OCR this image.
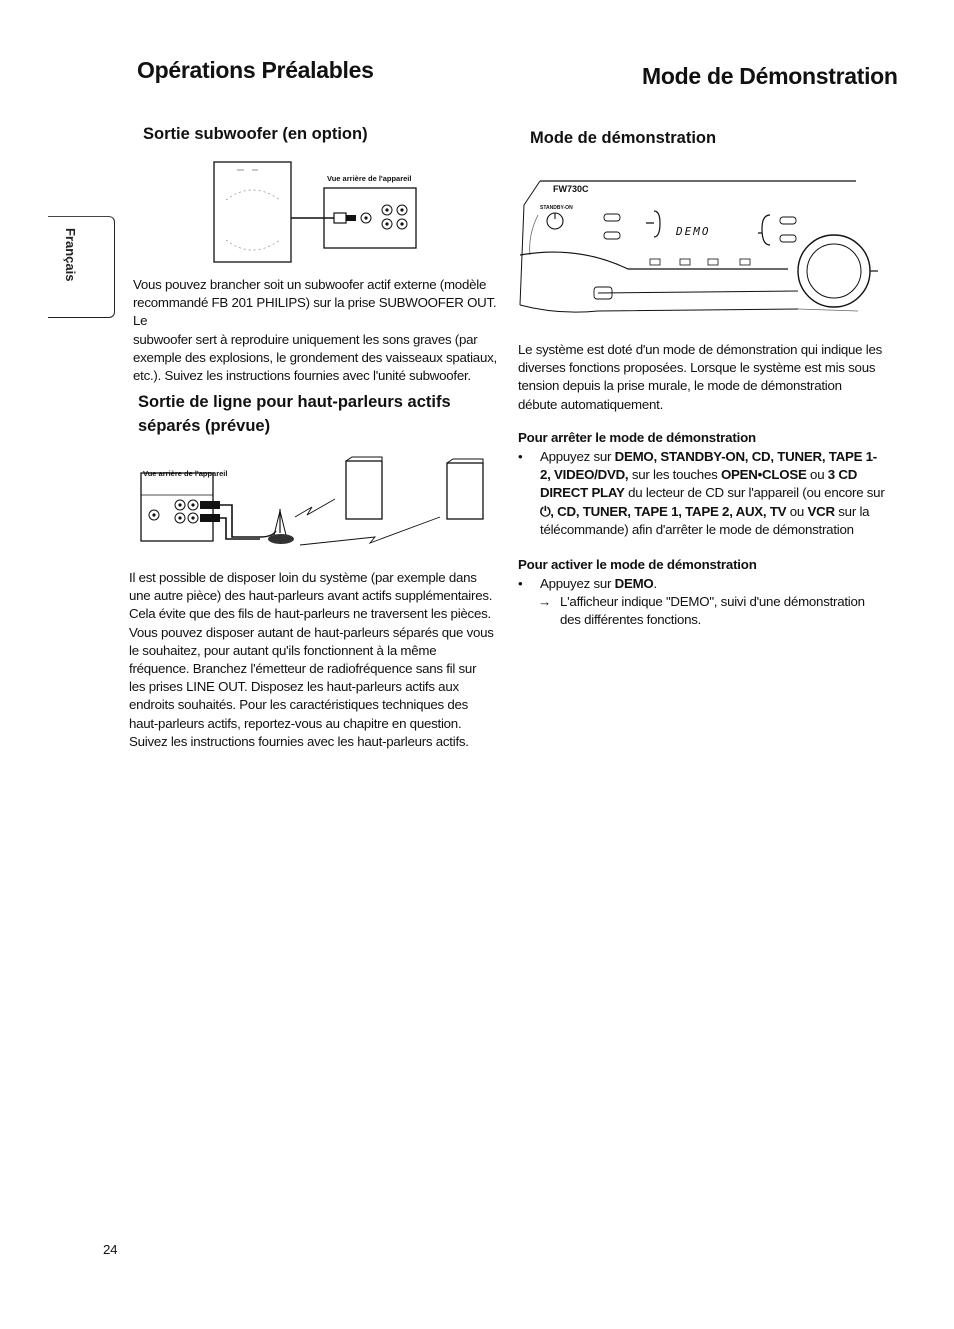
Opérations Préalables	Mode de Démonstration
Français
Sortie subwoofer (en option)
Vue arrière de l'appareil
Vous pouvez brancher soit un subwoofer actif externe (modèle
recommandé FB 201 PHILIPS) sur la prise SUBWOOFER OUT. Le
subwoofer sert à reproduire uniquement les sons graves (par
exemple des explosions, le grondement des vaisseaux spatiaux,
etc.). Suivez les instructions fournies avec l'unité subwoofer.
Sortie de ligne pour haut-parleurs actifs
séparés (prévue)
Vue arrière de l'appareil
Il est possible de disposer loin du système (par exemple dans
une autre pièce) des haut-parleurs avant actifs supplémentaires.
Cela évite que des fils de haut-parleurs ne traversent les pièces.
Vous pouvez disposer autant de haut-parleurs séparés que vous
le souhaitez, pour autant qu'ils fonctionnent à la même
fréquence. Branchez l'émetteur de radiofréquence sans fil sur
les prises LINE OUT. Disposez les haut-parleurs actifs aux
endroits souhaités. Pour les caractéristiques techniques des
haut-parleurs actifs, reportez-vous au chapitre en question.
Suivez les instructions fournies avec les haut-parleurs actifs.
Mode de démonstration
FW730C
STANDBY-ON
DEMO
Le système est doté d'un mode de démonstration qui indique les
diverses fonctions proposées. Lorsque le système est mis sous
tension depuis la prise murale, le mode de démonstration
débute automatiquement.
Pour arrêter le mode de démonstration
• Appuyez sur DEMO, STANDBY-ON, CD, TUNER, TAPE 1-
2, VIDEO/DVD, sur les touches OPEN•CLOSE ou 3 CD
DIRECT PLAY du lecteur de CD sur l'appareil (ou encore sur
⏻, CD, TUNER, TAPE 1, TAPE 2, AUX, TV ou VCR sur la
télécommande) afin d'arrêter le mode de démonstration
Pour activer le mode de démonstration
• Appuyez sur DEMO.
→ L'afficheur indique "DEMO", suivi d'une démonstration
des différentes fonctions.
24
